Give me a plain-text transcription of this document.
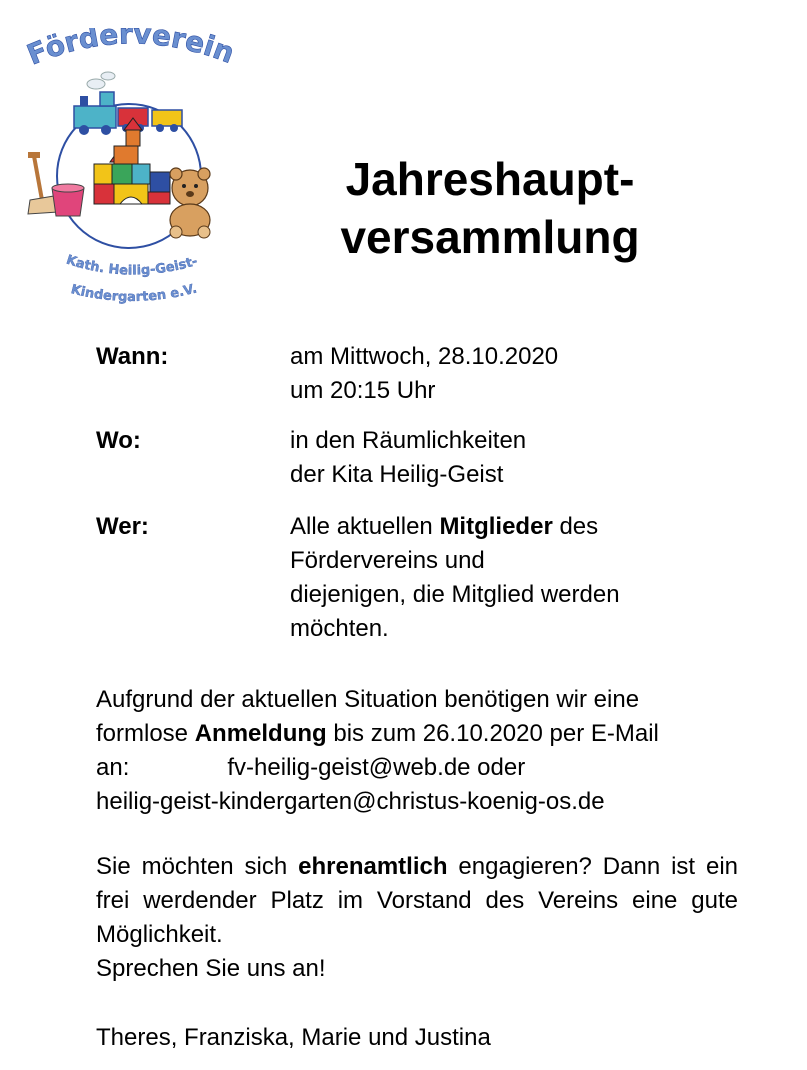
Förderverein
Kath. Heilig-Geist-
Kindergarten e.V.
Jahreshaupt-
versammlung
Wann:	am Mittwoch, 28.10.2020
um 20:15 Uhr
Wo:	in den Räumlichkeiten
der Kita Heilig-Geist
Wer:	Alle aktuellen Mitglieder des
Fördervereins und
diejenigen, die Mitglied werden
möchten.
Aufgrund der aktuellen Situation benötigen wir eine
formlose Anmeldung bis zum 26.10.2020 per E-Mail
an:	fv-heilig-geist@web.de oder
heilig-geist-kindergarten@christus-koenig-os.de
Sie möchten sich ehrenamtlich engagieren? Dann ist ein frei werdender Platz im Vorstand des Vereins eine gute Möglichkeit.
Sprechen Sie uns an!
Theres, Franziska, Marie und Justina
